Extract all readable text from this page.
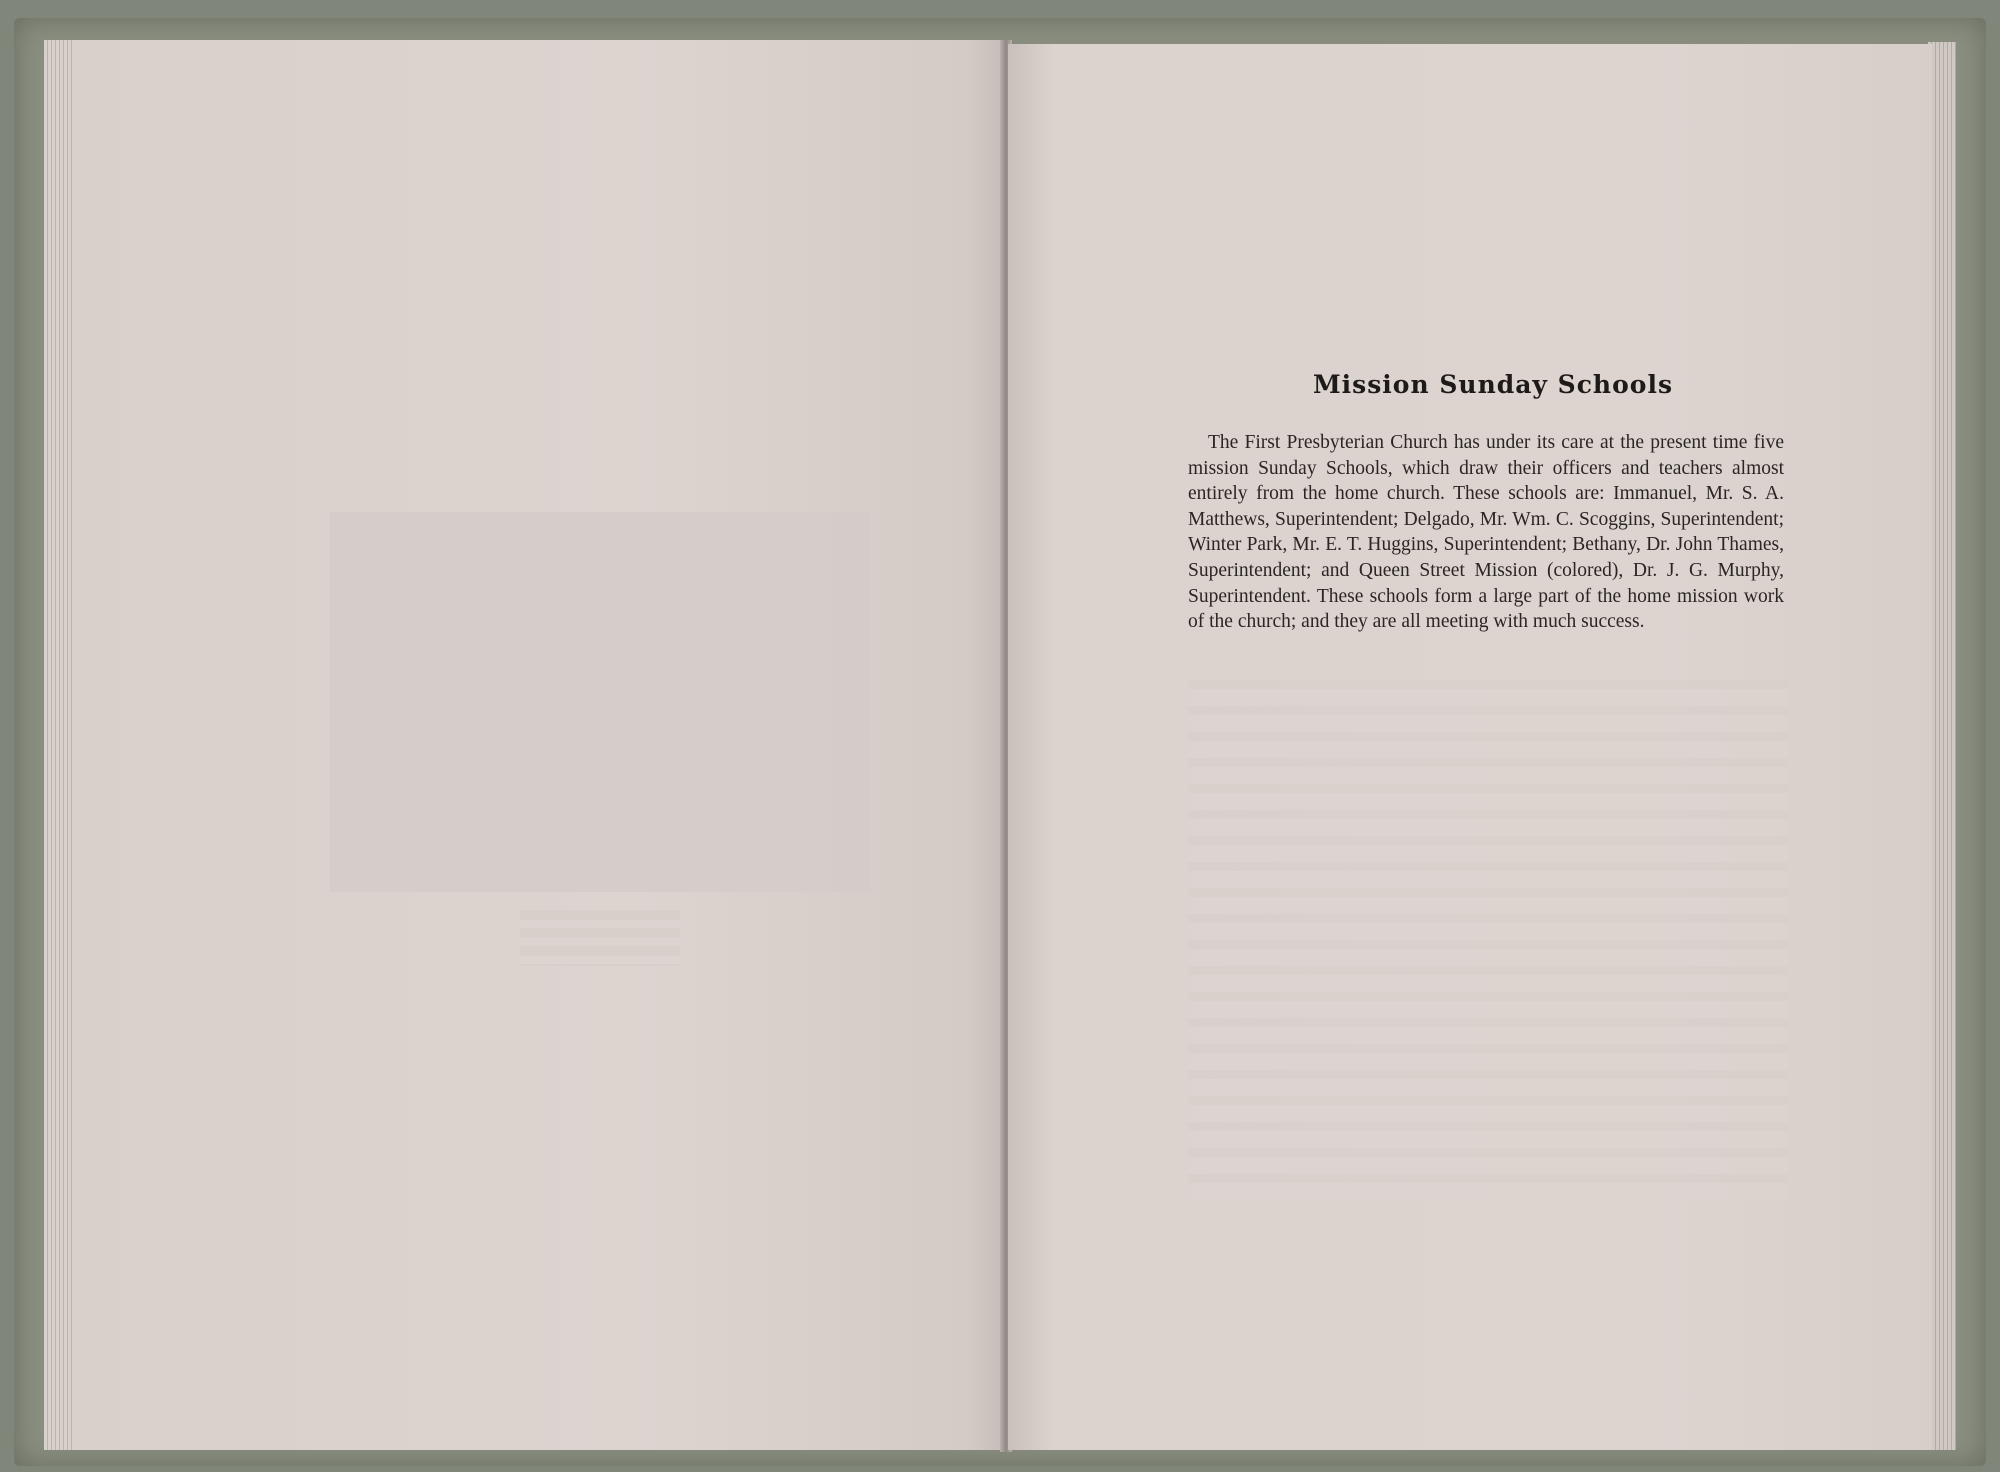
Mission Sunday Schools

The First Presbyterian Church has under its care at the present time five mission Sunday Schools, which draw their officers and teachers almost entirely from the home church. These schools are: Immanuel, Mr. S. A. Matthews, Superintendent; Delgado, Mr. Wm. C. Scoggins, Superintendent; Winter Park, Mr. E. T. Huggins, Superintendent; Bethany, Dr. John Thames, Superintendent; and Queen Street Mission (colored), Dr. J. G. Murphy, Superintendent. These schools form a large part of the home mission work of the church; and they are all meeting with much success.
